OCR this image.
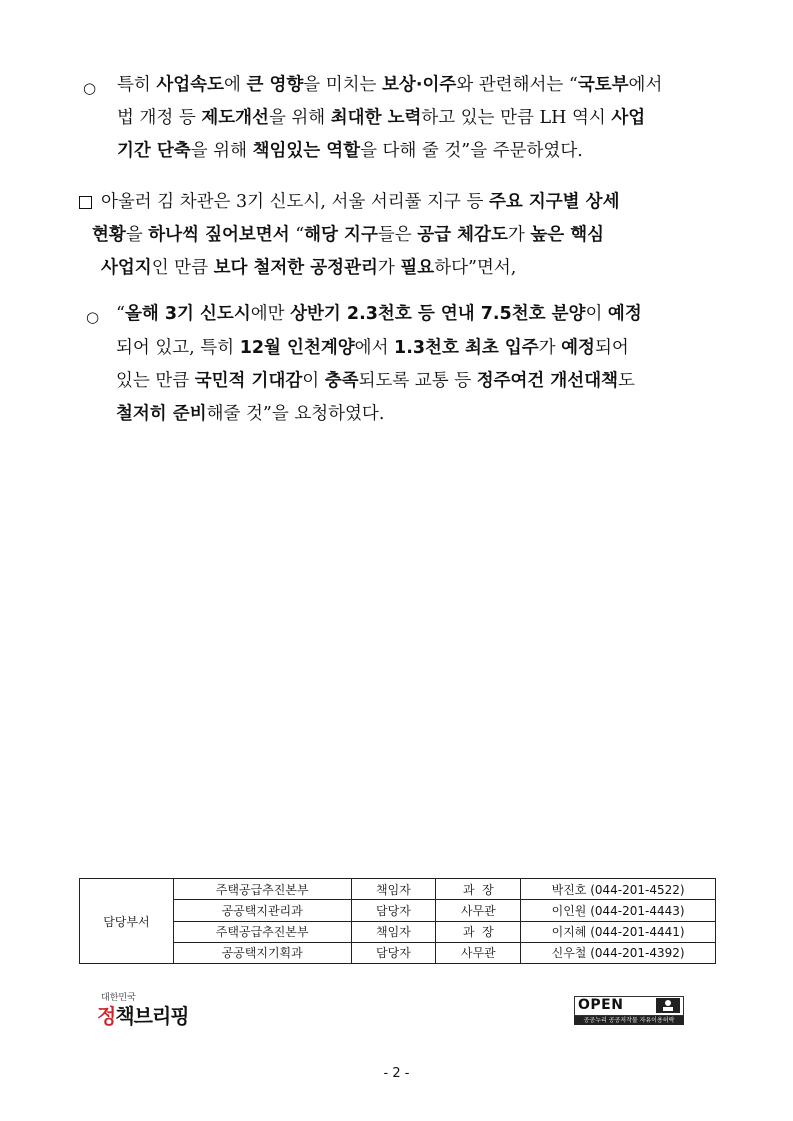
○ 특히 사업속도에 큰 영향을 미치는 보상·이주와 관련해서는 “국토부에서
법 개정 등 제도개선을 위해 최대한 노력하고 있는 만큼 LH 역시 사업
기간 단축을 위해 책임있는 역할을 다해 줄 것”을 주문하였다.
아울러 김 차관은 3기 신도시, 서울 서리풀 지구 등 주요 지구별 상세
현황을 하나씩 짚어보면서 “해당 지구들은 공급 체감도가 높은 핵심
사업지인 만큼 보다 철저한 공정관리가 필요하다”면서,
○ “올해 3기 신도시에만 상반기 2.3천호 등 연내 7.5천호 분양이 예정
되어 있고, 특히 12월 인천계양에서 1.3천호 최초 입주가 예정되어
있는 만큼 국민적 기대감이 충족되도록 교통 등 정주여건 개선대책도
철저히 준비해줄 것”을 요청하였다.
담당부서	주택공급추진본부	책임자	과  장	박진호 (044-201-4522)
	공공택지관리과	담당자	사무관	이인원 (044-201-4443)
	주택공급추진본부	책임자	과  장	이지혜 (044-201-4441)
	공공택지기획과	담당자	사무관	신우철 (044-201-4392)
대한민국
정책브리핑	OPEN
공공누리 공공저작물 자유이용허락
- 2 -
